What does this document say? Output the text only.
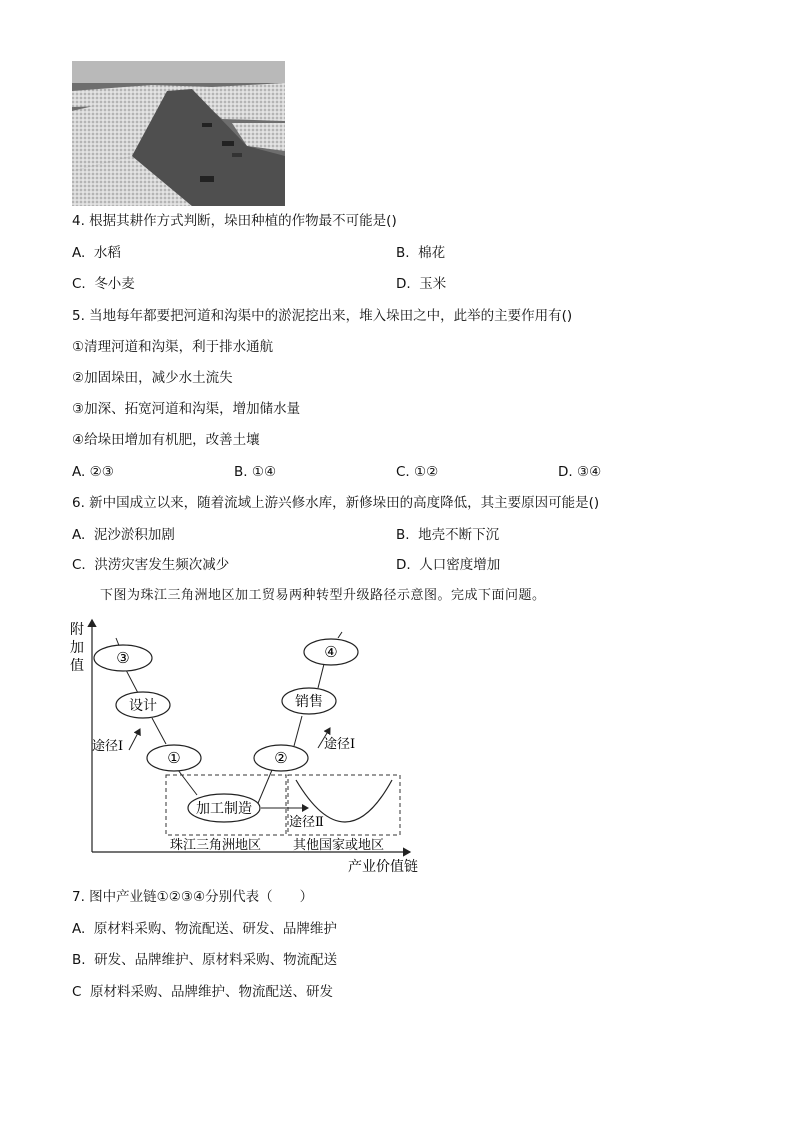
4. 根据其耕作方式判断，垛田种植的作物最不可能是()
A. 水稻	B. 棉花
C. 冬小麦	D. 玉米
5. 当地每年都要把河道和沟渠中的淤泥挖出来，堆入垛田之中，此举的主要作用有()
①清理河道和沟渠，利于排水通航
②加固垛田，减少水土流失
③加深、拓宽河道和沟渠，增加储水量
④给垛田增加有机肥，改善土壤
A. ②③	B. ①④	C. ①②	D. ③④
6. 新中国成立以来，随着流域上游兴修水库，新修垛田的高度降低，其主要原因可能是()
A. 泥沙淤积加剧	B. 地壳不断下沉
C. 洪涝灾害发生频次减少	D. 人口密度增加
下图为珠江三角洲地区加工贸易两种转型升级路径示意图。完成下面问题。
附
加
值
产业价值链
③
设计
①
加工制造
②
销售
④
途径Ⅰ	途径Ⅰ
途径Ⅱ
珠江三角洲地区 其他国家或地区
7. 图中产业链①②③④分别代表（　　）
A. 原材料采购、物流配送、研发、品牌维护
B. 研发、品牌维护、原材料采购、物流配送
C 原材料采购、品牌维护、物流配送、研发
